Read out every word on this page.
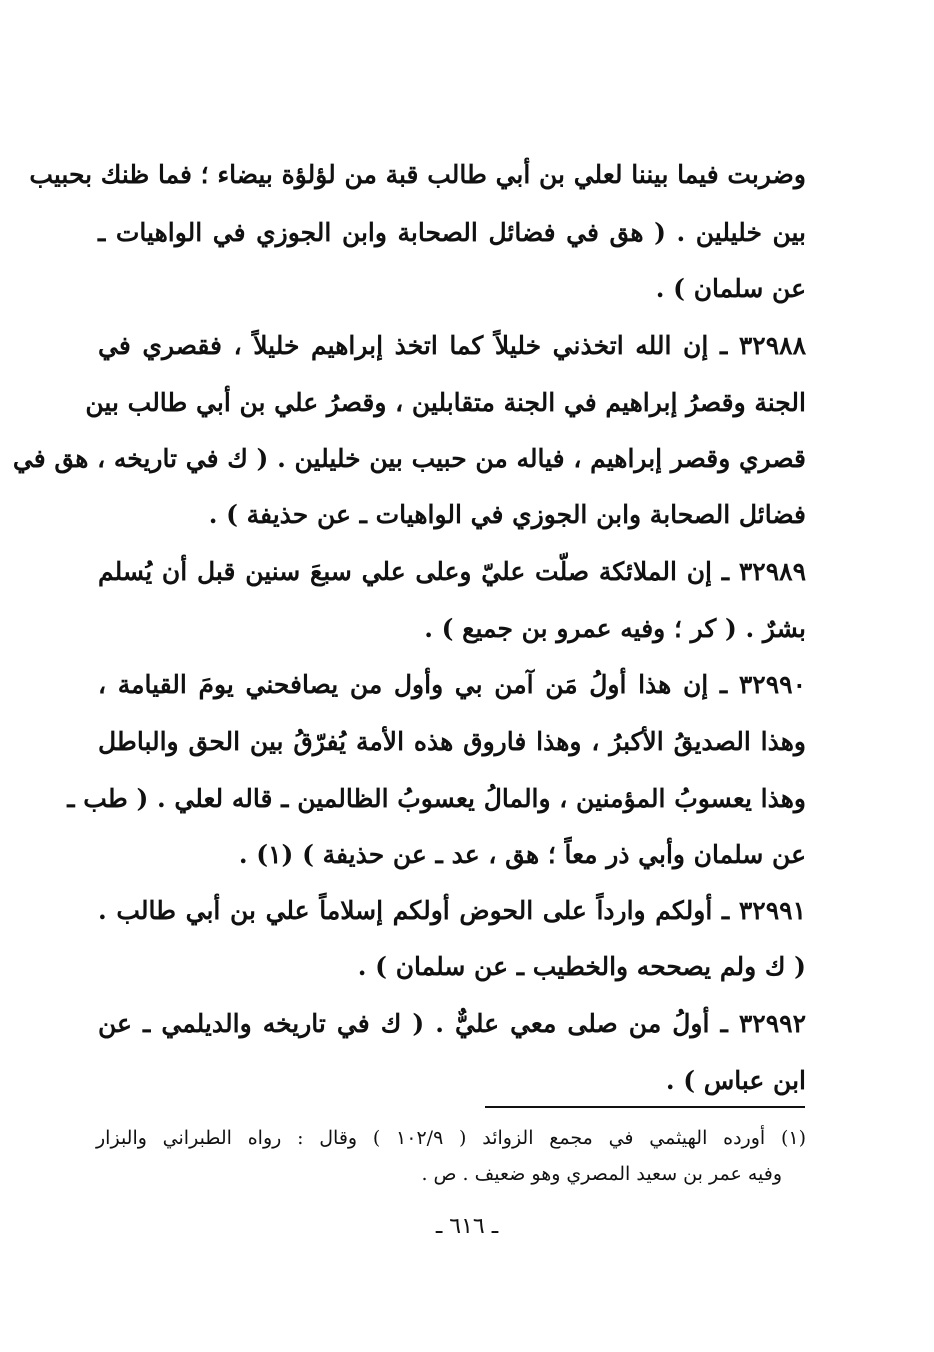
وضربت فيما بيننا لعلي بن أبي طالب قبة من لؤلؤة بيضاء ؛ فما ظنك بحبيب
بين خليلين . ( هق في فضائل الصحابة وابن الجوزي في الواهيات ـ
عن سلمان ) .
٣٢٩٨٨ ـ إن الله اتخذني خليلاً كما اتخذ إبراهيم خليلاً ، فقصري في
الجنة وقصرُ إبراهيم في الجنة متقابلين ، وقصرُ علي بن أبي طالب بين
قصري وقصر إبراهيم ، فياله من حبيب بين خليلين . ( ك في تاريخه ، هق في
فضائل الصحابة وابن الجوزي في الواهيات ـ عن حذيفة ) .
٣٢٩٨٩ ـ إن الملائكة صلّت عليّ وعلى علي سبعَ سنين قبل أن يُسلم
بشرٌ . ( كر ؛ وفيه عمرو بن جميع ) .
٣٢٩٩٠ ـ إن هذا أولُ مَن آمن بي وأول من يصافحني يومَ القيامة ،
وهذا الصديقُ الأكبرُ ، وهذا فاروق هذه الأمة يُفرّقُ بين الحق والباطل
وهذا يعسوبُ المؤمنين ، والمالُ يعسوبُ الظالمين ـ قاله لعلي . ( طب ـ
عن سلمان وأبي ذر معاً ؛ هق ، عد ـ عن حذيفة ) (١) .
٣٢٩٩١ ـ أولكم وارداً على الحوض أولكم إسلاماً علي بن أبي طالب .
( ك ولم يصححه والخطيب ـ عن سلمان ) .
٣٢٩٩٢ ـ أولُ من صلى معي عليٌّ . ( ك في تاريخه والديلمي ـ عن
ابن عباس ) .
(١) أورده الهيثمي في مجمع الزوائد ( ١٠٢/٩ ) وقال : رواه الطبراني والبزار
وفيه عمر بن سعيد المصري وهو ضعيف . ص .
ـ ٦١٦ ـ
